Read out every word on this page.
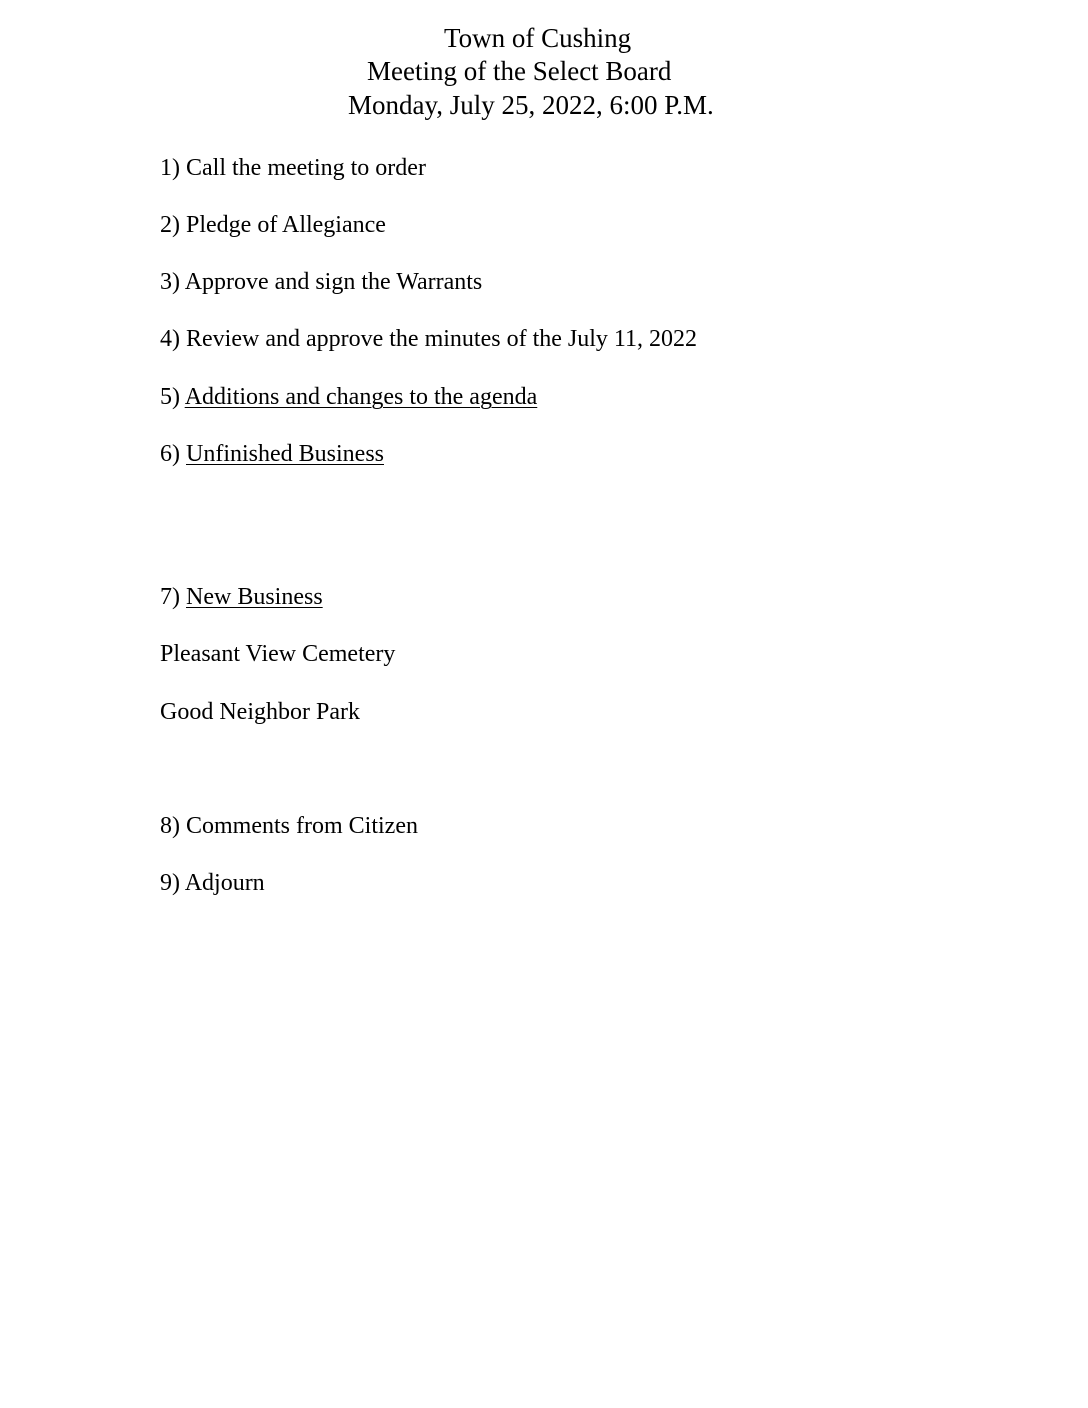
Town of Cushing
Meeting of the Select Board
Monday, July 25, 2022, 6:00 P.M.
1) Call the meeting to order
2) Pledge of Allegiance
3) Approve and sign the Warrants
4) Review and approve the minutes of the July 11, 2022
5) Additions and changes to the agenda
6) Unfinished Business
7) New Business
Pleasant View Cemetery
Good Neighbor Park
8) Comments from Citizen
9) Adjourn
